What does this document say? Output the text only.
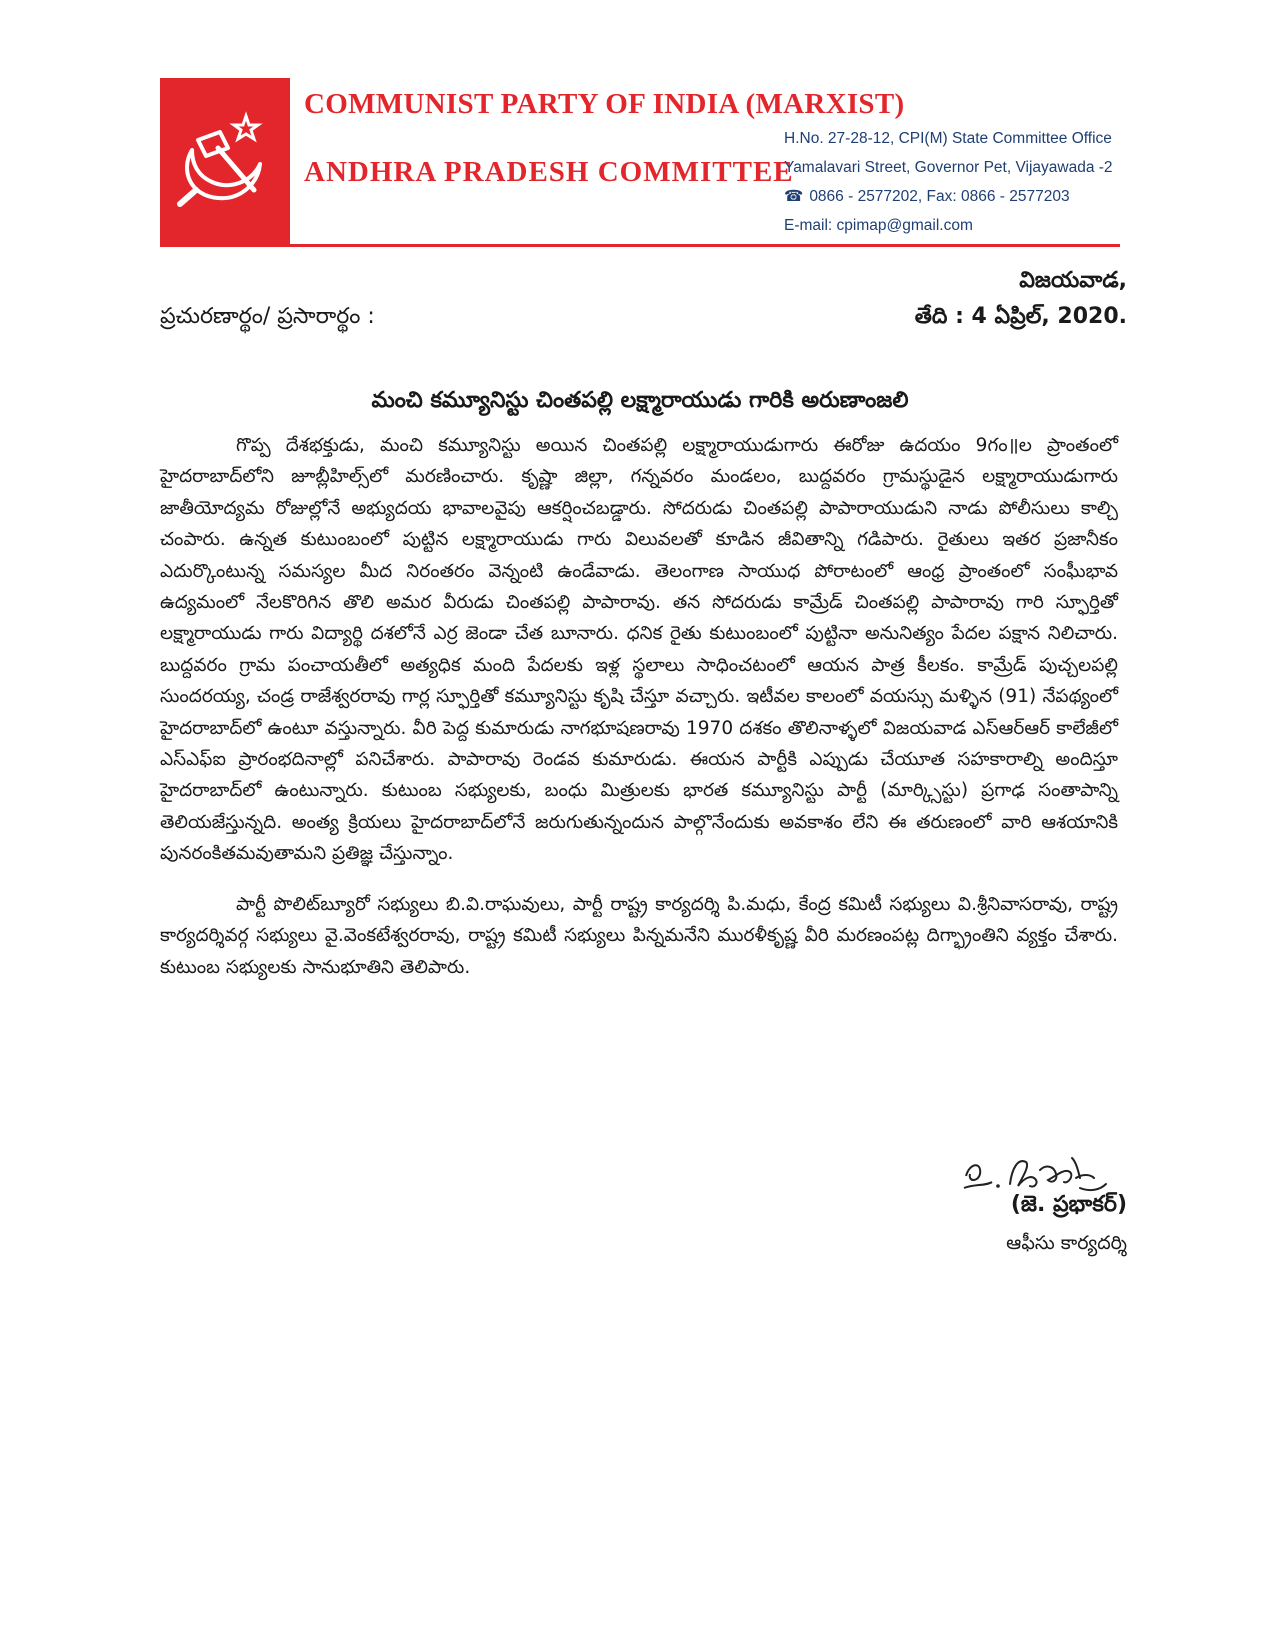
COMMUNIST PARTY OF INDIA (MARXIST)
ANDHRA PRADESH COMMITTEE
H.No. 27-28-12, CPI(M) State Committee Office
Yamalavari Street, Governor Pet, Vijayawada -2
☎ 0866 - 2577202, Fax: 0866 - 2577203
E-mail: cpimap@gmail.com
విజయవాడ,
ప్రచురణార్థం/ ప్రసారార్థం :	తేది : 4 ఏప్రిల్, 2020.
మంచి కమ్యూనిస్టు చింతపల్లి లక్ష్మారాయుడు గారికి అరుణాంజలి

గొప్ప దేశభక్తుడు, మంచి కమ్యూనిస్టు అయిన చింతపల్లి లక్ష్మారాయుడుగారు ఈరోజు ఉదయం 9గం॥ల ప్రాంతంలో హైదరాబాద్‌లోని జూబ్లీహిల్స్‌లో మరణించారు. కృష్ణా జిల్లా, గన్నవరం మండలం, బుద్దవరం గ్రామస్థుడైన లక్ష్మారాయుడుగారు జాతీయోద్యమ రోజుల్లోనే అభ్యుదయ భావాలవైపు ఆకర్షించబడ్డారు. సోదరుడు చింతపల్లి పాపారాయుడుని నాడు పోలీసులు కాల్చి చంపారు. ఉన్నత కుటుంబంలో పుట్టిన లక్ష్మారాయుడు గారు విలువలతో కూడిన జీవితాన్ని గడిపారు. రైతులు ఇతర ప్రజానీకం ఎదుర్కొంటున్న సమస్యల మీద నిరంతరం వెన్నంటి ఉండేవాడు. తెలంగాణ సాయుధ పోరాటంలో ఆంధ్ర ప్రాంతంలో సంఘీభావ ఉద్యమంలో నేలకొరిగిన తొలి అమర వీరుడు చింతపల్లి పాపారావు. తన సోదరుడు కామ్రేడ్ చింతపల్లి పాపారావు గారి స్ఫూర్తితో లక్ష్మారాయుడు గారు విద్యార్థి దశలోనే ఎర్ర జెండా చేత బూనారు. ధనిక రైతు కుటుంబంలో పుట్టినా అనునిత్యం పేదల పక్షాన నిలిచారు. బుద్దవరం గ్రామ పంచాయతీలో అత్యధిక మంది పేదలకు ఇళ్ల స్థలాలు సాధించటంలో ఆయన పాత్ర కీలకం. కామ్రేడ్ పుచ్చలపల్లి సుందరయ్య, చండ్ర రాజేశ్వరరావు గార్ల స్ఫూర్తితో కమ్యూనిస్టు కృషి చేస్తూ వచ్చారు. ఇటీవల కాలంలో వయస్సు మళ్ళిన (91) నేపథ్యంలో హైదరాబాద్‌లో ఉంటూ వస్తున్నారు. వీరి పెద్ద కుమారుడు నాగభూషణరావు 1970 దశకం తొలినాళ్ళలో విజయవాడ ఎస్ఆర్ఆర్ కాలేజీలో ఎస్ఎఫ్ఐ ప్రారంభదినాల్లో పనిచేశారు. పాపారావు రెండవ కుమారుడు. ఈయన పార్టీకి ఎప్పుడు చేయూత సహకారాల్ని అందిస్తూ హైదరాబాద్‌లో ఉంటున్నారు. కుటుంబ సభ్యులకు, బంధు మిత్రులకు భారత కమ్యూనిస్టు పార్టీ (మార్క్సిస్టు) ప్రగాఢ సంతాపాన్ని తెలియజేస్తున్నది. అంత్య క్రియలు హైదరాబాద్‌లోనే జరుగుతున్నందున పాల్గొనేందుకు అవకాశం లేని ఈ తరుణంలో వారి ఆశయానికి పునరంకితమవుతామని ప్రతిజ్ఞ చేస్తున్నాం.

పార్టీ పొలిట్‌బ్యూరో సభ్యులు బి.వి.రాఘవులు, పార్టీ రాష్ట్ర కార్యదర్శి పి.మధు, కేంద్ర కమిటీ సభ్యులు వి.శ్రీనివాసరావు, రాష్ట్ర కార్యదర్శివర్గ సభ్యులు వై.వెంకటేశ్వరరావు, రాష్ట్ర కమిటీ సభ్యులు పిన్నమనేని మురళీకృష్ణ వీరి మరణంపట్ల దిగ్భ్రాంతిని వ్యక్తం చేశారు. కుటుంబ సభ్యులకు సానుభూతిని తెలిపారు.

(జె. ప్రభాకర్)
ఆఫీసు కార్యదర్శి
